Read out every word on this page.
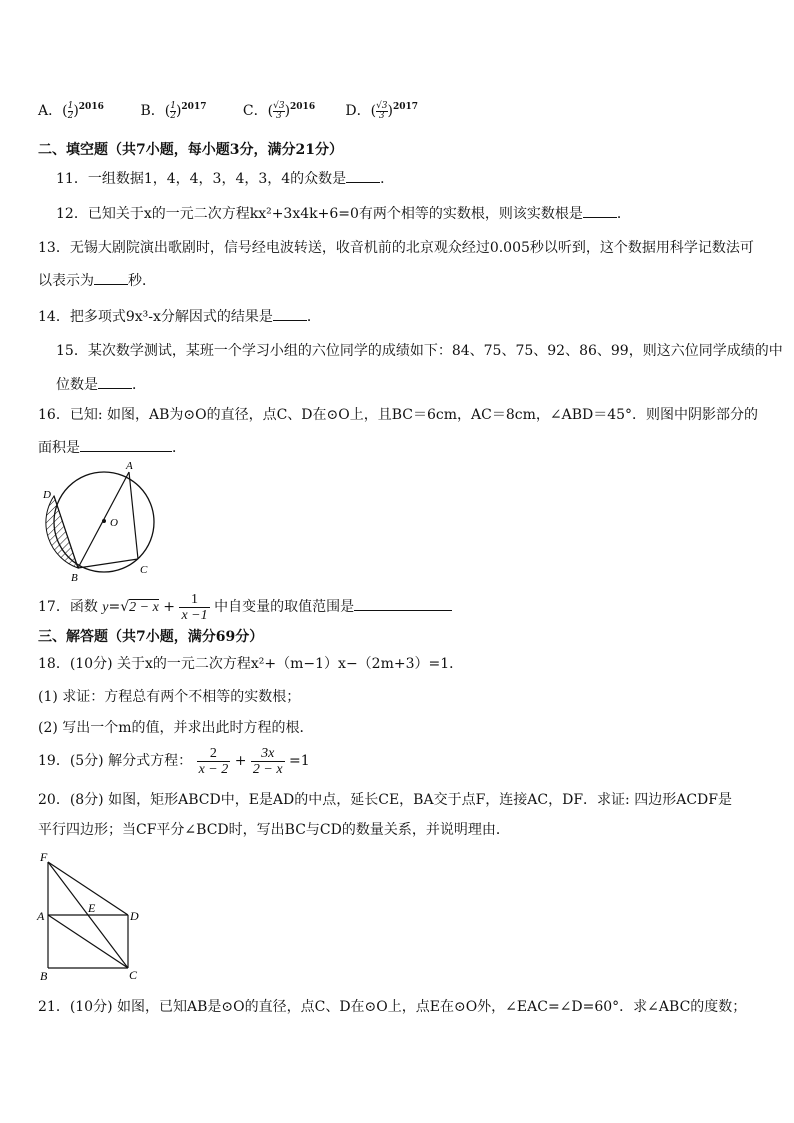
A．( $\frac{1}{2} )^{2016}$	B．( $\frac{1}{2} )^{2017}$	C．( $\frac{√3}{3} )^{2016}$ D．( $\frac{√3}{3} )^{2017}$
二、填空题（共7小题，每小题3分，满分21分）
11．一组数据1，4，4，3，4，3，4的众数是 ．
12．已知关于x的一元二次方程kx²+3x4k+6=0有两个相等的实数根，则该实数根是 ．
13．无锡大剧院演出歌剧时，信号经电波转送，收音机前的北京观众经过0.005秒以听到，这个数据用科学记数法可
以表示为 秒．
14．把多项式9x³-x分解因式的结果是 ．
15．某次数学测试，某班一个学习小组的六位同学的成绩如下：84、75、75、92、86、99，则这六位同学成绩的中
位数是 ．
16．已知: 如图，AB为⊙O的直径，点C、D在⊙O上，且BC＝6cm，AC＝8cm，∠ABD＝45°．则图中阴影部分的
面积是	．
A
D
O
B
C
17．函数 $y=√2 - x + \frac{1}{x -1}$ 中自变量的取值范围是
三、解答题（共7小题，满分69分）
18．(10分) 关于x的一元二次方程x²+（m−1）x−（2m+3）=1．
(1) 求证：方程总有两个不相等的实数根；
(2) 写出一个m的值，并求出此时方程的根．
19．(5分) 解分式方程： $\frac{2}{x - 2} + \frac{3x}{2 - x} =1$
20．(8分) 如图，矩形ABCD中，E是AD的中点，延长CE，BA交于点F，连接AC，DF．求证: 四边形ACDF是
平行四边形；当CF平分∠BCD时，写出BC与CD的数量关系，并说明理由．
F
A
E
D
B	C
21．(10分) 如图，已知AB是⊙O的直径，点C、D在⊙O上，点E在⊙O外，∠EAC=∠D=60°．求∠ABC的度数；
